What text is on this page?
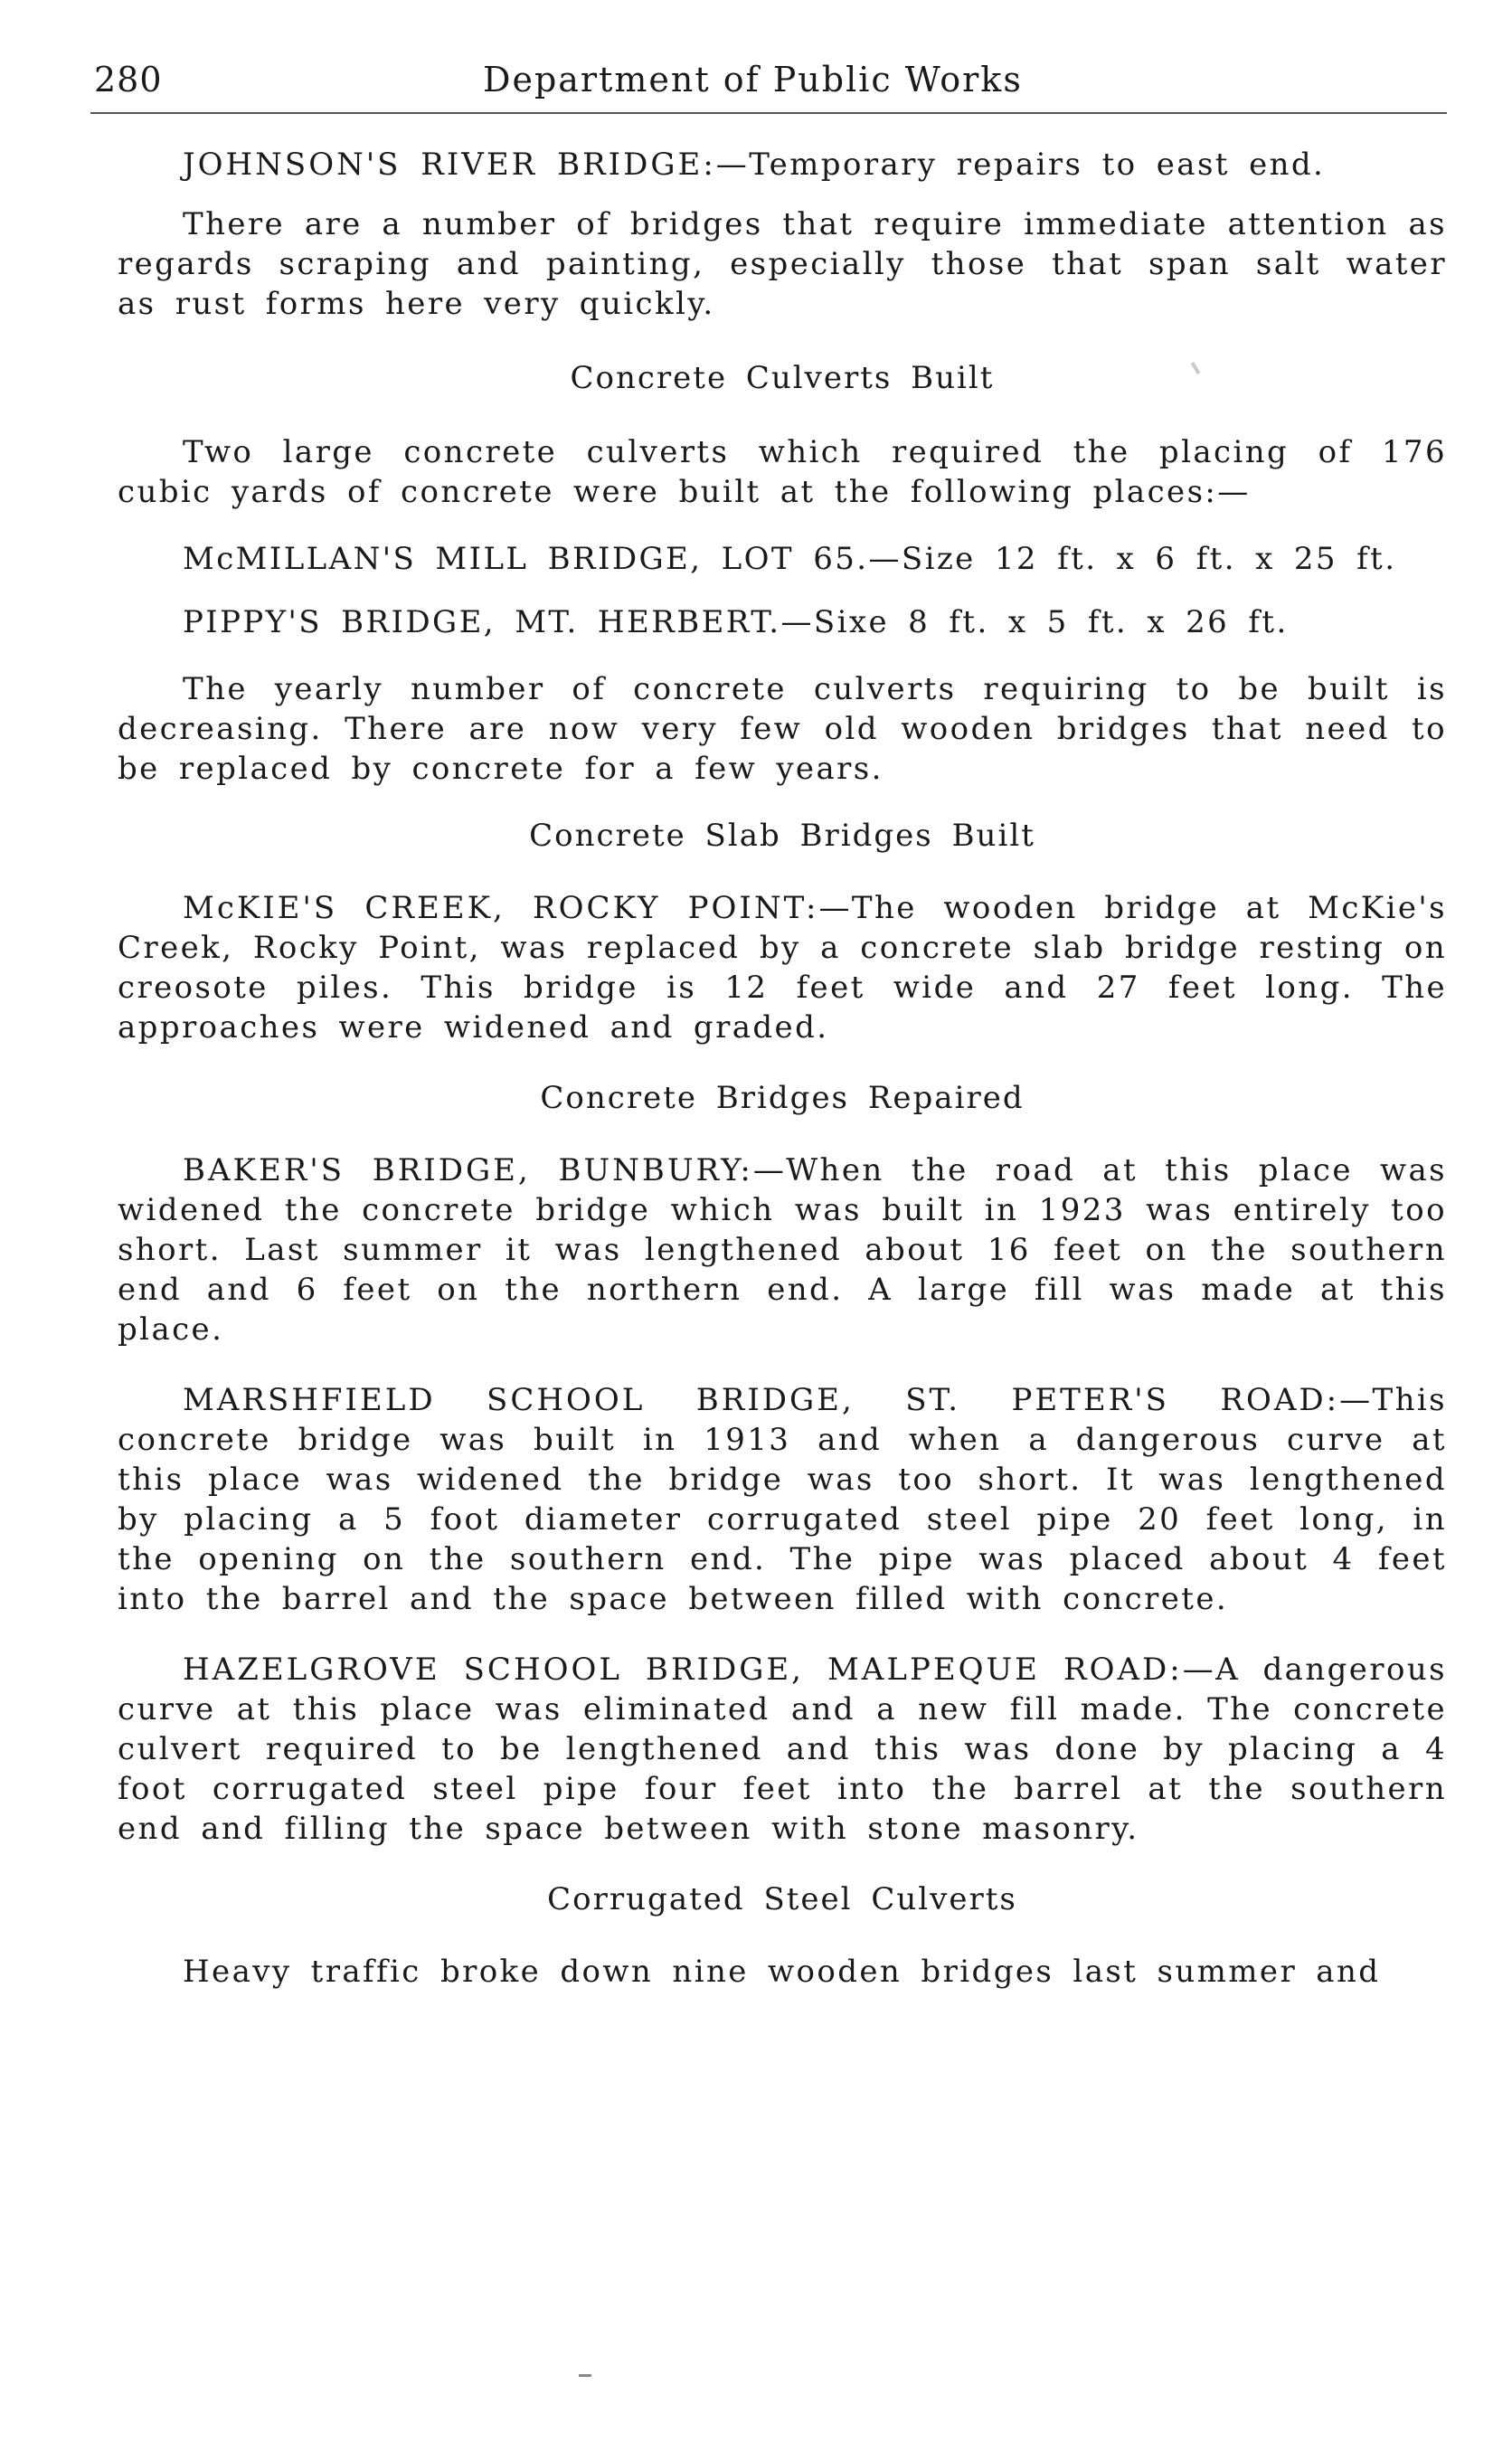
280	Department of Public Works

JOHNSON'S RIVER BRIDGE:—Temporary repairs to east end.

There are a number of bridges that require immediate attention as regards scraping and painting, especially those that span salt water as rust forms here very quickly.

Concrete Culverts Built

Two large concrete culverts which required the placing of 176 cubic yards of concrete were built at the following places:—

McMILLAN'S MILL BRIDGE, LOT 65.—Size 12 ft. x 6 ft. x 25 ft.

PIPPY'S BRIDGE, MT. HERBERT.—Sixe 8 ft. x 5 ft. x 26 ft.

The yearly number of concrete culverts requiring to be built is decreasing. There are now very few old wooden bridges that need to be replaced by concrete for a few years.

Concrete Slab Bridges Built

McKIE'S CREEK, ROCKY POINT:—The wooden bridge at McKie's Creek, Rocky Point, was replaced by a concrete slab bridge resting on creosote piles. This bridge is 12 feet wide and 27 feet long. The approaches were widened and graded.

Concrete Bridges Repaired

BAKER'S BRIDGE, BUNBURY:—When the road at this place was widened the concrete bridge which was built in 1923 was entirely too short. Last summer it was lengthened about 16 feet on the southern end and 6 feet on the northern end. A large fill was made at this place.

MARSHFIELD SCHOOL BRIDGE, ST. PETER'S ROAD:—This concrete bridge was built in 1913 and when a dangerous curve at this place was widened the bridge was too short. It was lengthened by placing a 5 foot diameter corrugated steel pipe 20 feet long, in the opening on the southern end. The pipe was placed about 4 feet into the barrel and the space between filled with concrete.

HAZELGROVE SCHOOL BRIDGE, MALPEQUE ROAD:—A dangerous curve at this place was eliminated and a new fill made. The concrete culvert required to be lengthened and this was done by placing a 4 foot corrugated steel pipe four feet into the barrel at the southern end and filling the space between with stone masonry.

Corrugated Steel Culverts

Heavy traffic broke down nine wooden bridges last summer and
